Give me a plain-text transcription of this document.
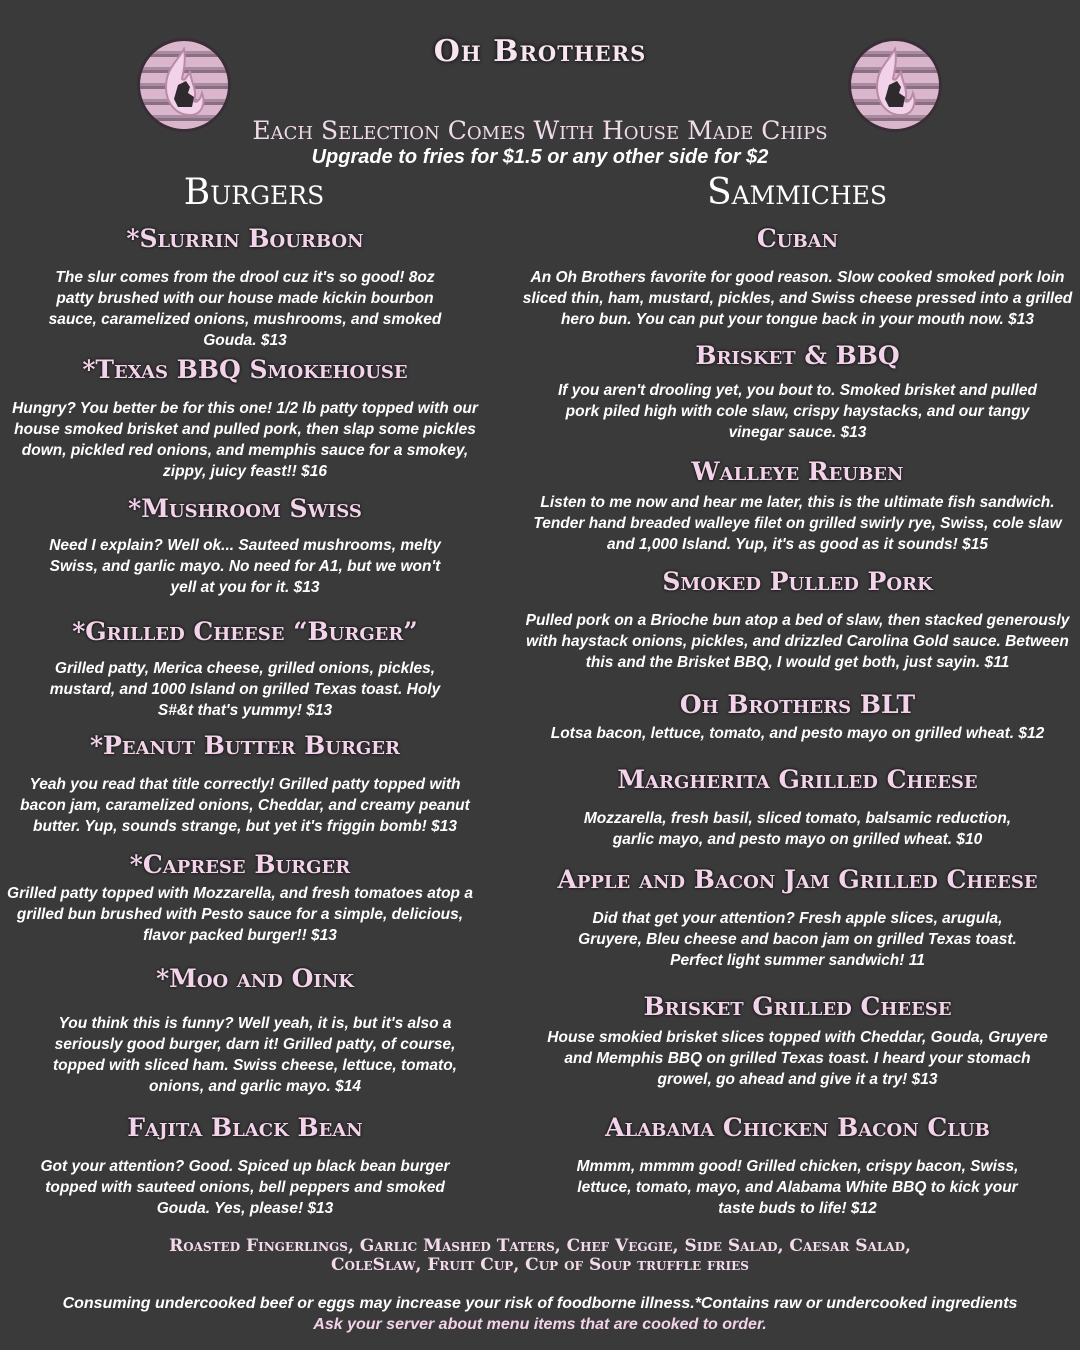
Oh Brothers
Each Selection Comes With House Made Chips
Upgrade to fries for $1.5 or any other side for $2
Burgers	Sammiches
*Slurrin Bourbon
The slur comes from the drool cuz it's so good! 8oz patty brushed with our house made kickin bourbon sauce, caramelized onions, mushrooms, and smoked Gouda. $13
*Texas BBQ Smokehouse
Hungry? You better be for this one! 1/2 lb patty topped with our house smoked brisket and pulled pork, then slap some pickles down, pickled red onions, and memphis sauce for a smokey, zippy, juicy feast!! $16
*Mushroom Swiss
Need I explain? Well ok... Sauteed mushrooms, melty Swiss, and garlic mayo. No need for A1, but we won't yell at you for it. $13
*Grilled Cheese “Burger”
Grilled patty, Merica cheese, grilled onions, pickles, mustard, and 1000 Island on grilled Texas toast. Holy S#&t that's yummy! $13
*Peanut Butter Burger
Yeah you read that title correctly! Grilled patty topped with bacon jam, caramelized onions, Cheddar, and creamy peanut butter. Yup, sounds strange, but yet it's friggin bomb! $13
*Caprese Burger
Grilled patty topped with Mozzarella, and fresh tomatoes atop a grilled bun brushed with Pesto sauce for a simple, delicious, flavor packed burger!! $13
*Moo and Oink
You think this is funny? Well yeah, it is, but it's also a seriously good burger, darn it! Grilled patty, of course, topped with sliced ham. Swiss cheese, lettuce, tomato, onions, and garlic mayo. $14
Fajita Black Bean
Got your attention? Good. Spiced up black bean burger topped with sauteed onions, bell peppers and smoked Gouda. Yes, please! $13
Cuban
An Oh Brothers favorite for good reason. Slow cooked smoked pork loin sliced thin, ham, mustard, pickles, and Swiss cheese pressed into a grilled hero bun. You can put your tongue back in your mouth now. $13
Brisket & BBQ
If you aren't drooling yet, you bout to. Smoked brisket and pulled pork piled high with cole slaw, crispy haystacks, and our tangy vinegar sauce. $13
Walleye Reuben
Listen to me now and hear me later, this is the ultimate fish sandwich. Tender hand breaded walleye filet on grilled swirly rye, Swiss, cole slaw and 1,000 Island. Yup, it's as good as it sounds! $15
Smoked Pulled Pork
Pulled pork on a Brioche bun atop a bed of slaw, then stacked generously with haystack onions, pickles, and drizzled Carolina Gold sauce. Between this and the Brisket BBQ, I would get both, just sayin. $11
Oh Brothers BLT
Lotsa bacon, lettuce, tomato, and pesto mayo on grilled wheat. $12
Margherita Grilled Cheese
Mozzarella, fresh basil, sliced tomato, balsamic reduction, garlic mayo, and pesto mayo on grilled wheat. $10
Apple and Bacon Jam Grilled Cheese
Did that get your attention? Fresh apple slices, arugula, Gruyere, Bleu cheese and bacon jam on grilled Texas toast. Perfect light summer sandwich! 11
Brisket Grilled Cheese
House smokied brisket slices topped with Cheddar, Gouda, Gruyere and Memphis BBQ on grilled Texas toast. I heard your stomach growel, go ahead and give it a try! $13
Alabama Chicken Bacon Club
Mmmm, mmmm good! Grilled chicken, crispy bacon, Swiss, lettuce, tomato, mayo, and Alabama White BBQ to kick your taste buds to life! $12
Roasted Fingerlings, Garlic Mashed Taters, Chef Veggie, Side Salad, Caesar Salad, ColeSlaw, Fruit Cup, Cup of Soup truffle fries
Consuming undercooked beef or eggs may increase your risk of foodborne illness.*Contains raw or undercooked ingredients
Ask your server about menu items that are cooked to order.
